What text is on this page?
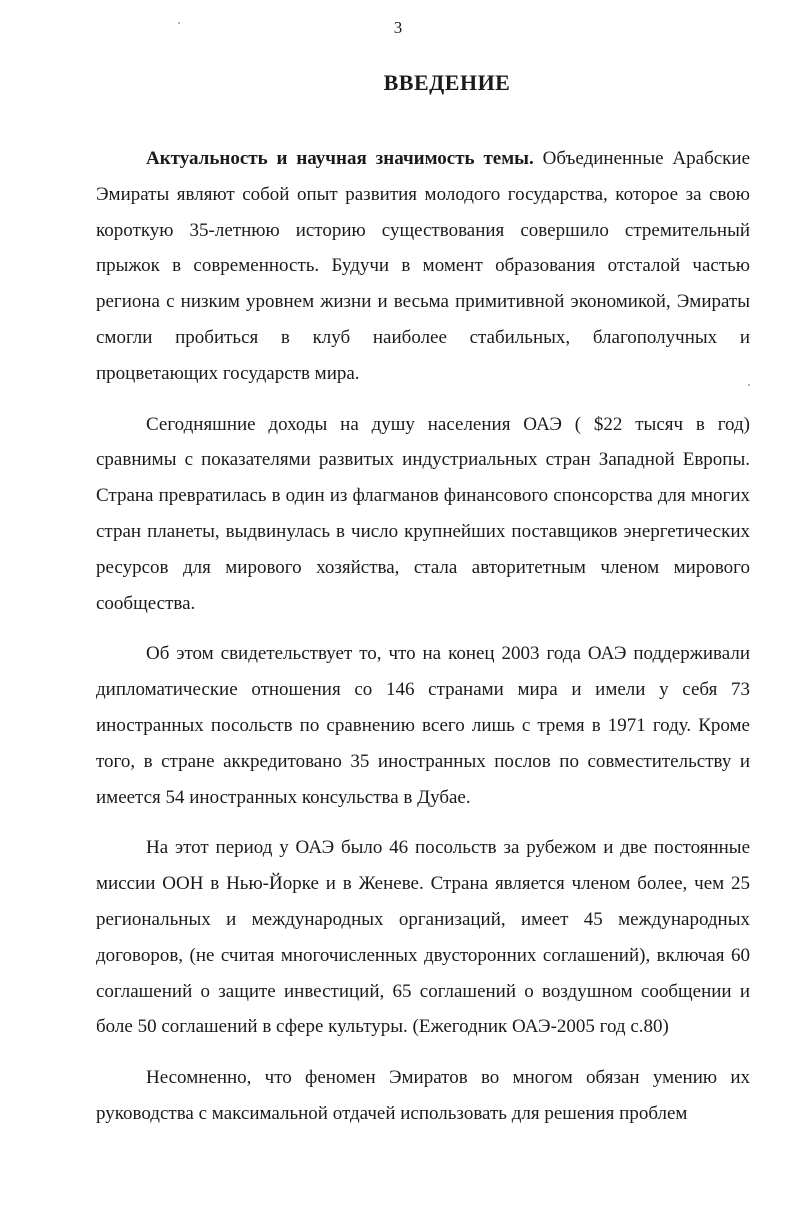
3
ВВЕДЕНИЕ

Актуальность и научная значимость темы. Объединенные Арабские Эмираты являют собой опыт развития молодого государства, которое за свою короткую 35-летнюю историю существования совершило стремительный прыжок в современность. Будучи в момент образования отсталой частью региона с низким уровнем жизни и весьма примитивной экономикой, Эмираты смогли пробиться в клуб наиболее стабильных, благополучных и процветающих государств мира.

Сегодняшние доходы на душу населения ОАЭ ( $22 тысяч в год) сравнимы с показателями развитых индустриальных стран Западной Европы. Страна превратилась в один из флагманов финансового спонсорства для многих стран планеты, выдвинулась в число крупнейших поставщиков энергетических ресурсов для мирового хозяйства, стала авторитетным членом мирового сообщества.

Об этом свидетельствует то, что на конец 2003 года ОАЭ поддерживали дипломатические отношения со 146 странами мира и имели у себя 73 иностранных посольств по сравнению всего лишь с тремя в 1971 году. Кроме того, в стране аккредитовано 35 иностранных послов по совместительству и имеется 54 иностранных консульства в Дубае.

На этот период у ОАЭ было 46 посольств за рубежом и две постоянные миссии ООН в Нью-Йорке и в Женеве. Страна является членом более, чем 25 региональных и международных организаций, имеет 45 международных договоров, (не считая многочисленных двусторонних соглашений), включая 60 соглашений о защите инвестиций, 65 соглашений о воздушном сообщении и боле 50 соглашений в сфере культуры. (Ежегодник ОАЭ-2005 год с.80)

Несомненно, что феномен Эмиратов во многом обязан умению их руководства с максимальной отдачей использовать для решения проблем
